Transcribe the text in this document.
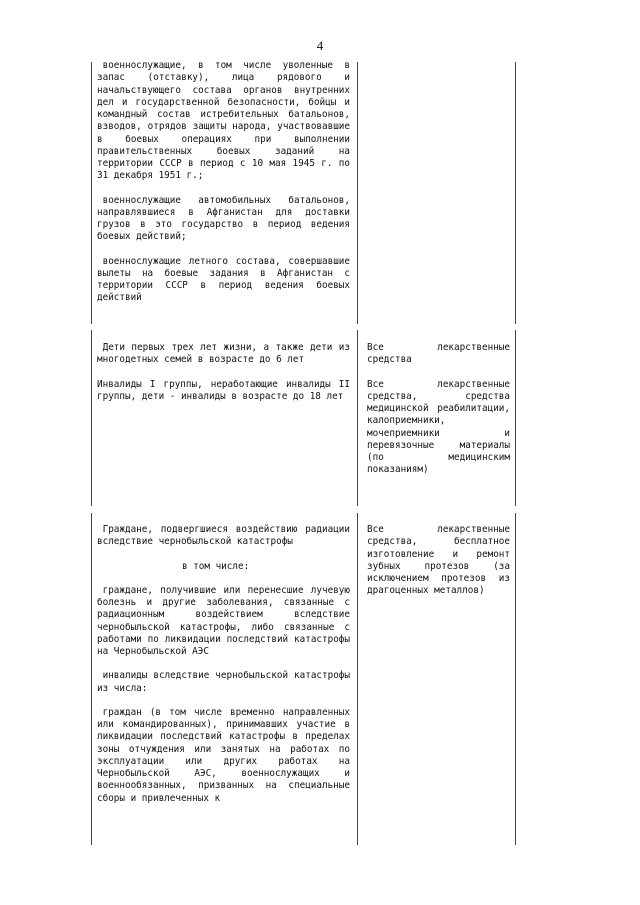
4

военнослужащие, в том числе уволенные в запас (отставку), лица рядового и начальствующего состава органов внутренних дел и государственной безопасности, бойцы и командный состав истребительных батальонов, взводов, отрядов защиты народа, участвовавшие в боевых операциях при выполнении правительственных боевых заданий на территории СССР в период с 10 мая 1945 г. по 31 декабря 1951 г.;

военнослужащие автомобильных батальонов, направлявшиеся в Афганистан для доставки грузов в это государство в период ведения боевых действий;

военнослужащие летного состава, совершавшие вылеты на боевые задания в Афганистан с территории СССР в период ведения боевых действий

Дети первых трех лет жизни, а также дети из многодетных семей в возрасте до 6 лет

Инвалиды I группы, неработающие инвалиды II группы, дети - инвалиды в возрасте до 18 лет

Все лекарственные средства

Все лекарственные средства, средства медицинской реабилитации, калоприемники, мочеприемники и перевязочные материалы (по медицинским показаниям)

Граждане, подвергшиеся воздействию радиации вследствие чернобыльской катастрофы

в том числе:

граждане, получившие или перенесшие лучевую болезнь и другие заболевания, связанные с радиационным воздействием вследствие чернобыльской катастрофы, либо связанные с работами по ликвидации последствий катастрофы на Чернобыльской АЭС

инвалиды вследствие чернобыльской катастрофы из числа:

граждан (в том числе временно направленных или командированных), принимавших участие в ликвидации последствий катастрофы в пределах зоны отчуждения или занятых на работах по эксплуатации или других работах на Чернобыльской АЭС, военнослужащих и военнообязанных, призванных на специальные сборы и привлеченных к

Все лекарственные средства, бесплатное изготовление и ремонт зубных протезов (за исключением протезов из драгоценных металлов)
